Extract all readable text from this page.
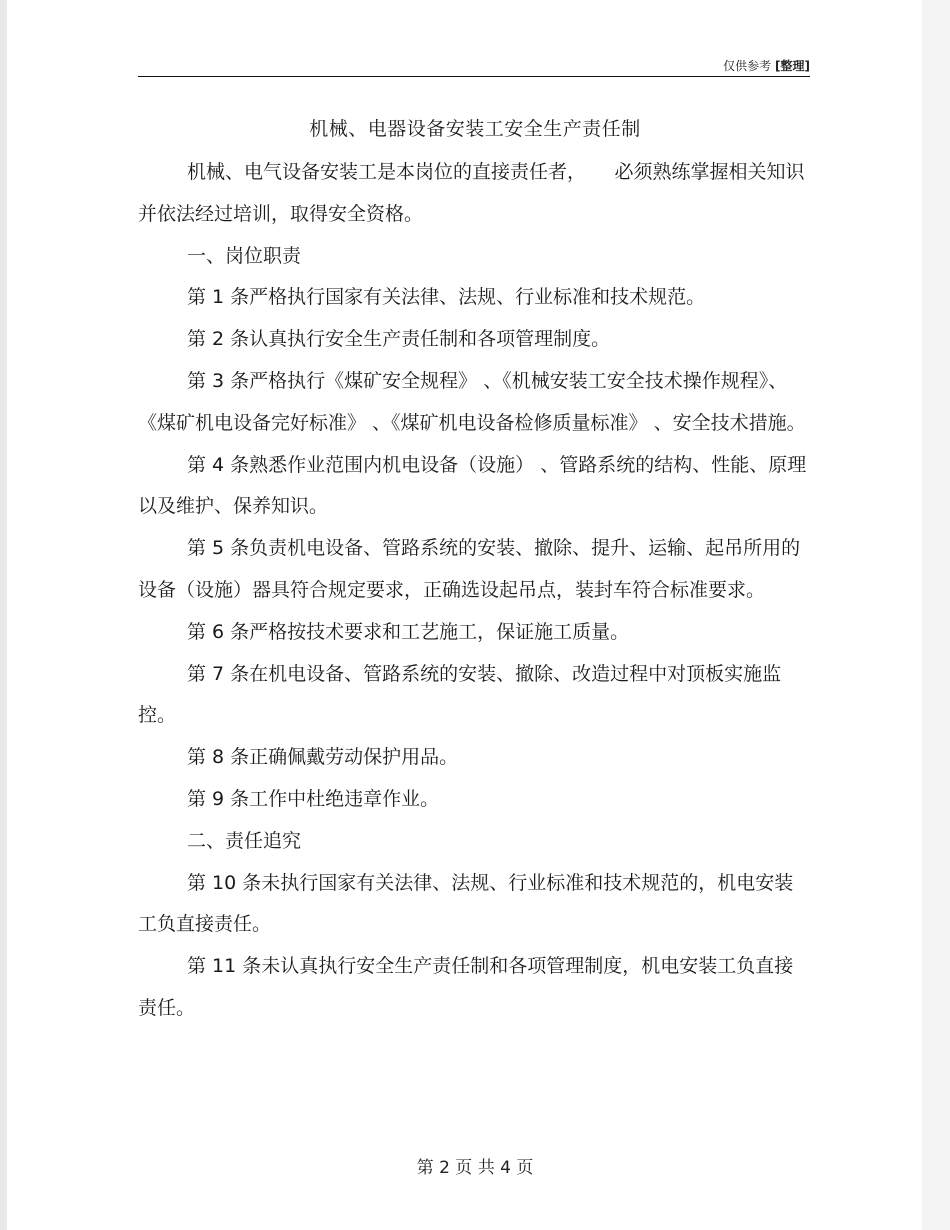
仅供参考 [整理]
机械、电器设备安装工安全生产责任制

机械、电气设备安装工是本岗位的直接责任者，　　必须熟练掌握相关知识并依法经过培训，取得安全资格。

一、岗位职责

第 1 条严格执行国家有关法律、法规、行业标准和技术规范。

第 2 条认真执行安全生产责任制和各项管理制度。

第 3 条严格执行《煤矿安全规程》 、《机械安装工安全技术操作规程》、《煤矿机电设备完好标准》 、《煤矿机电设备检修质量标准》 、安全技术措施。

第 4 条熟悉作业范围内机电设备（设施） 、管路系统的结构、性能、原理以及维护、保养知识。

第 5 条负责机电设备、管路系统的安装、撤除、提升、运输、起吊所用的设备（设施）器具符合规定要求，正确选设起吊点，装封车符合标准要求。

第 6 条严格按技术要求和工艺施工，保证施工质量。

第 7 条在机电设备、管路系统的安装、撤除、改造过程中对顶板实施监控。

第 8 条正确佩戴劳动保护用品。

第 9 条工作中杜绝违章作业。

二、责任追究

第 10 条未执行国家有关法律、法规、行业标准和技术规范的，机电安装工负直接责任。

第 11 条未认真执行安全生产责任制和各项管理制度，机电安装工负直接责任。

第 2 页 共 4 页
